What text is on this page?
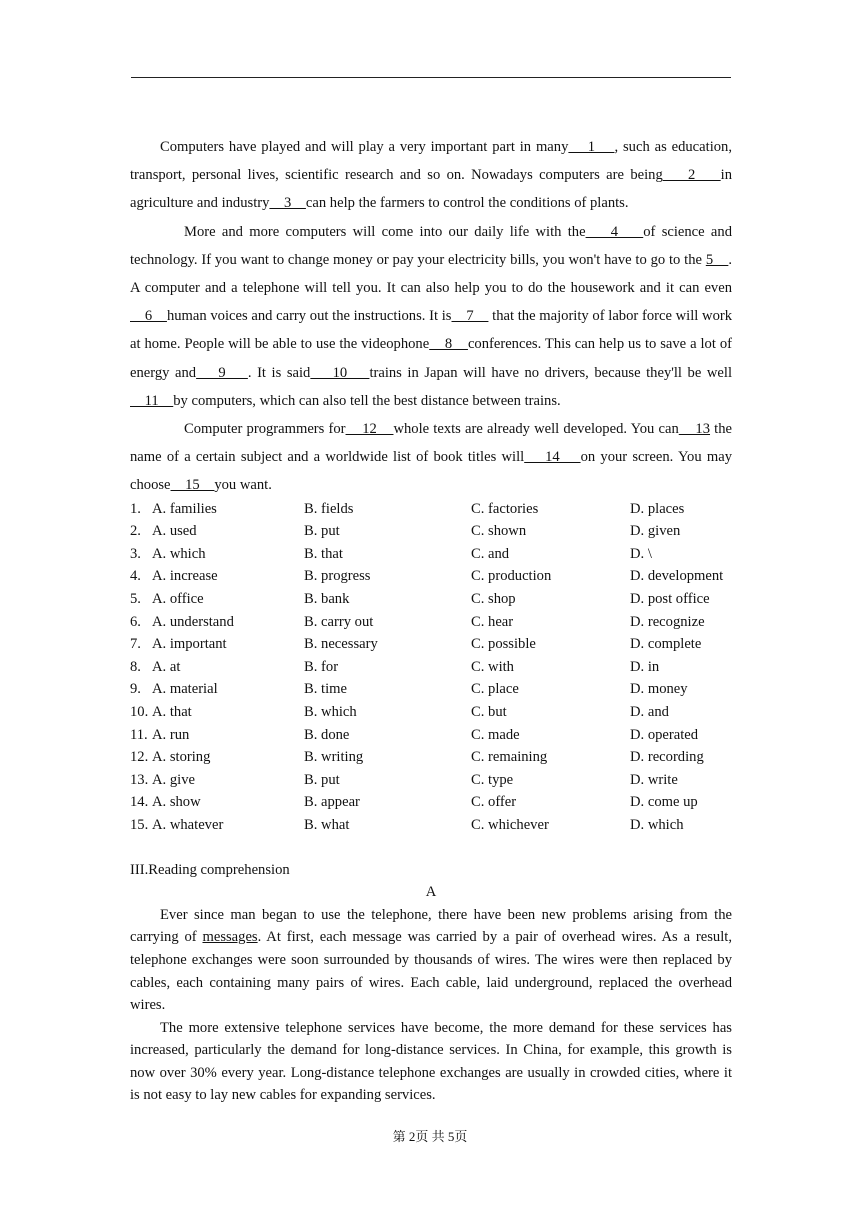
Computers have played and will play a very important part in many    1    , such as education, transport, personal lives, scientific research and so on. Nowadays computers are being    2    in agriculture and industry    3    can help the farmers to control the conditions of plants.

More and more computers will come into our daily life with the    4    of science and technology. If you want to change money or pay your electricity bills, you won't have to go to the 5    . A computer and a telephone will tell you. It can also help you to do the housework and it can even    6    human voices and carry out the instructions. It is    7     that the majority of labor force will work at home. People will be able to use the videophone    8    conferences. This can help us to save a lot of energy and    9    . It is said    10    trains in Japan will have no drivers, because they'll be well    11    by computers, which can also tell the best distance between trains.

Computer programmers for    12    whole texts are already well developed. You can    13 the name of a certain subject and a worldwide list of book titles will    14    on your screen. You may choose    15    you want.

1. A. families	B. fields	C. factories	D. places
2. A. used	B. put	C. shown	D. given
3. A. which	B. that	C. and	D. \
4. A. increase	B. progress	C. production	D. development
5. A. office	B. bank	C. shop	D. post office
6. A. understand	B. carry out	C. hear	D. recognize
7. A. important	B. necessary	C. possible	D. complete
8. A. at	B. for	C. with	D. in
9. A. material	B. time	C. place	D. money
10. A. that	B. which	C. but	D. and
11. A. run	B. done	C. made	D. operated
12. A. storing	B. writing	C. remaining	D. recording
13. A. give	B. put	C. type	D. write
14. A. show	B. appear	C. offer	D. come up
15. A. whatever	B. what	C. whichever	D. which
III.Reading comprehension
A

Ever since man began to use the telephone, there have been new problems arising from the carrying of messages. At first, each message was carried by a pair of overhead wires. As a result, telephone exchanges were soon surrounded by thousands of wires. The wires were then replaced by cables, each containing many pairs of wires. Each cable, laid underground, replaced the overhead wires.

The more extensive telephone services have become, the more demand for these services has increased, particularly the demand for long-distance services. In China, for example, this growth is now over 30% every year. Long-distance telephone exchanges are usually in crowded cities, where it is not easy to lay new cables for expanding services.

第 2页 共 5页
